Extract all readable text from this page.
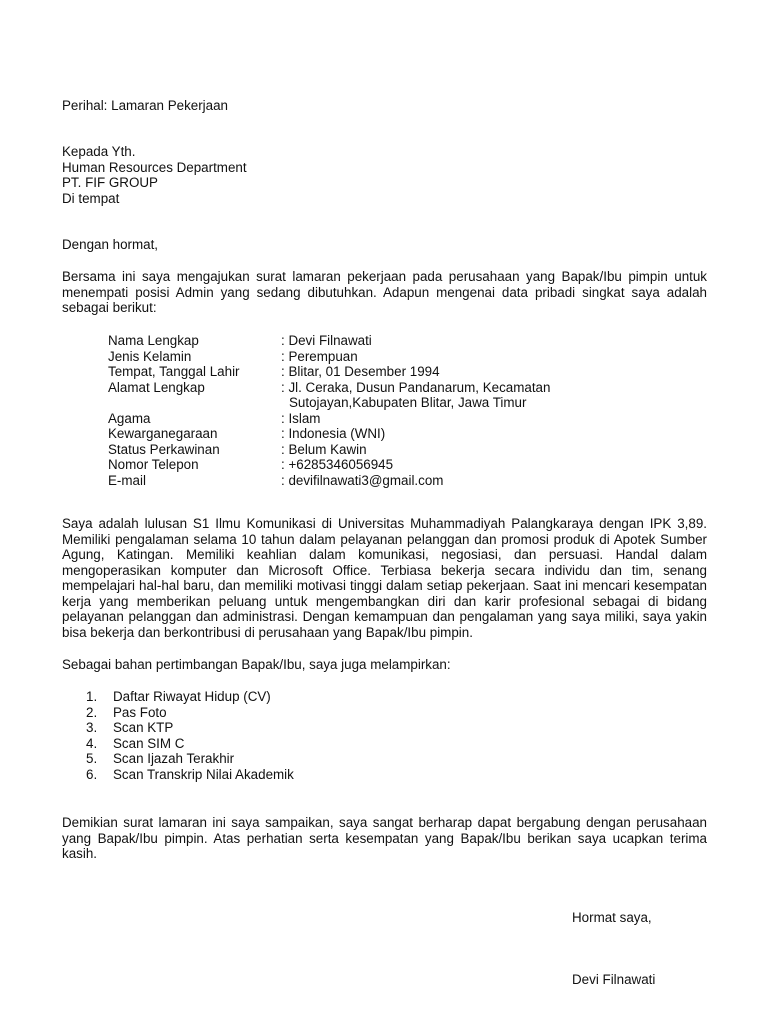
Perihal: Lamaran Pekerjaan
Kepada Yth.
Human Resources Department
PT. FIF GROUP
Di tempat
Dengan hormat,
Bersama ini saya mengajukan surat lamaran pekerjaan pada perusahaan yang Bapak/Ibu pimpin untuk menempati posisi Admin yang sedang dibutuhkan. Adapun mengenai data pribadi singkat saya adalah sebagai berikut:
Nama Lengkap	: Devi Filnawati
Jenis Kelamin	: Perempuan
Tempat, Tanggal Lahir	: Blitar, 01 Desember 1994
Alamat Lengkap	: Jl. Ceraka, Dusun Pandanarum, Kecamatan
Sutojayan,Kabupaten Blitar, Jawa Timur
Agama	: Islam
Kewarganegaraan	: Indonesia (WNI)
Status Perkawinan	: Belum Kawin
Nomor Telepon	: +6285346056945
E-mail	: devifilnawati3@gmail.com
Saya adalah lulusan S1 Ilmu Komunikasi di Universitas Muhammadiyah Palangkaraya dengan IPK 3,89. Memiliki pengalaman selama 10 tahun dalam pelayanan pelanggan dan promosi produk di Apotek Sumber Agung, Katingan. Memiliki keahlian dalam komunikasi, negosiasi, dan persuasi. Handal dalam mengoperasikan komputer dan Microsoft Office. Terbiasa bekerja secara individu dan tim, senang mempelajari hal-hal baru, dan memiliki motivasi tinggi dalam setiap pekerjaan. Saat ini mencari kesempatan kerja yang memberikan peluang untuk mengembangkan diri dan karir profesional sebagai di bidang pelayanan pelanggan dan administrasi. Dengan kemampuan dan pengalaman yang saya miliki, saya yakin bisa bekerja dan berkontribusi di perusahaan yang Bapak/Ibu pimpin.
Sebagai bahan pertimbangan Bapak/Ibu, saya juga melampirkan:
1. Daftar Riwayat Hidup (CV)
2. Pas Foto
3. Scan KTP
4. Scan SIM C
5. Scan Ijazah Terakhir
6. Scan Transkrip Nilai Akademik
Demikian surat lamaran ini saya sampaikan, saya sangat berharap dapat bergabung dengan perusahaan yang Bapak/Ibu pimpin. Atas perhatian serta kesempatan yang Bapak/Ibu berikan saya ucapkan terima kasih.
Hormat saya,
Devi Filnawati
